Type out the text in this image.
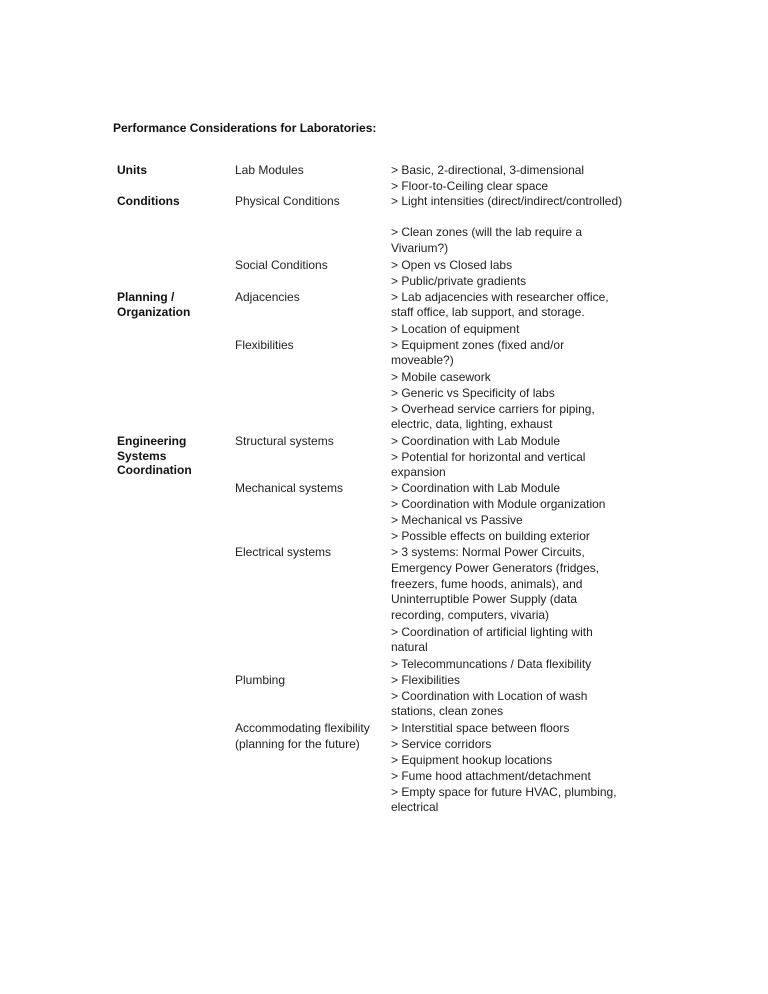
Performance Considerations for Laboratories:
Units
Conditions
Planning /
Organization
Engineering
Systems
Coordination
Lab Modules
Physical Conditions
Social Conditions
Adjacencies
Flexibilities
Structural systems
Mechanical systems
Electrical systems
Plumbing
Accommodating flexibility
(planning for the future)
> Basic, 2-directional, 3-dimensional
> Floor-to-Ceiling clear space
> Light intensities (direct/indirect/controlled)
> Clean zones (will the lab require a
Vivarium?)
> Open vs Closed labs
> Public/private gradients
> Lab adjacencies with researcher office,
staff office, lab support, and storage.
> Location of equipment
> Equipment zones (fixed and/or
moveable?)
> Mobile casework
> Generic vs Specificity of labs
> Overhead service carriers for piping,
electric, data, lighting, exhaust
> Coordination with Lab Module
> Potential for horizontal and vertical
expansion
> Coordination with Lab Module
> Coordination with Module organization
> Mechanical vs Passive
> Possible effects on building exterior
> 3 systems: Normal Power Circuits,
Emergency Power Generators (fridges,
freezers, fume hoods, animals), and
Uninterruptible Power Supply (data
recording, computers, vivaria)
> Coordination of artificial lighting with
natural
> Telecommuncations / Data flexibility
> Flexibilities
> Coordination with Location of wash
stations, clean zones
> Interstitial space between floors
> Service corridors
> Equipment hookup locations
> Fume hood attachment/detachment
> Empty space for future HVAC, plumbing,
electrical
